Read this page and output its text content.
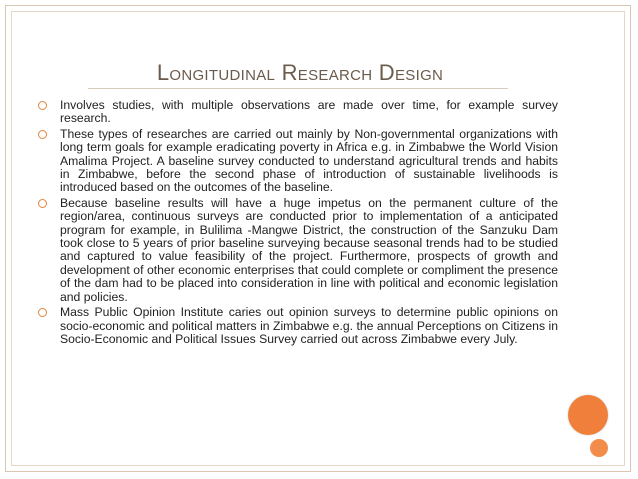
Longitudinal Research Design
Involves studies, with multiple observations are made over time, for example survey research.
These types of researches are carried out mainly by Non-governmental organizations with long term goals for example eradicating poverty in Africa e.g. in Zimbabwe the World Vision Amalima Project. A baseline survey conducted to understand agricultural trends and habits in Zimbabwe, before the second phase of introduction of sustainable livelihoods is introduced based on the outcomes of the baseline.
Because baseline results will have a huge impetus on the permanent culture of the region/area, continuous surveys are conducted prior to implementation of a anticipated program for example, in Bulilima -Mangwe District, the construction of the Sanzuku Dam took close to 5 years of prior baseline surveying because seasonal trends had to be studied and captured to value feasibility of the project. Furthermore, prospects of growth and development of other economic enterprises that could complete or compliment the presence of the dam had to be placed into consideration in line with political and economic legislation and policies.
Mass Public Opinion Institute caries out opinion surveys to determine public opinions on socio-economic and political matters in Zimbabwe e.g. the annual Perceptions on Citizens in Socio-Economic and Political Issues Survey carried out across Zimbabwe every July.
